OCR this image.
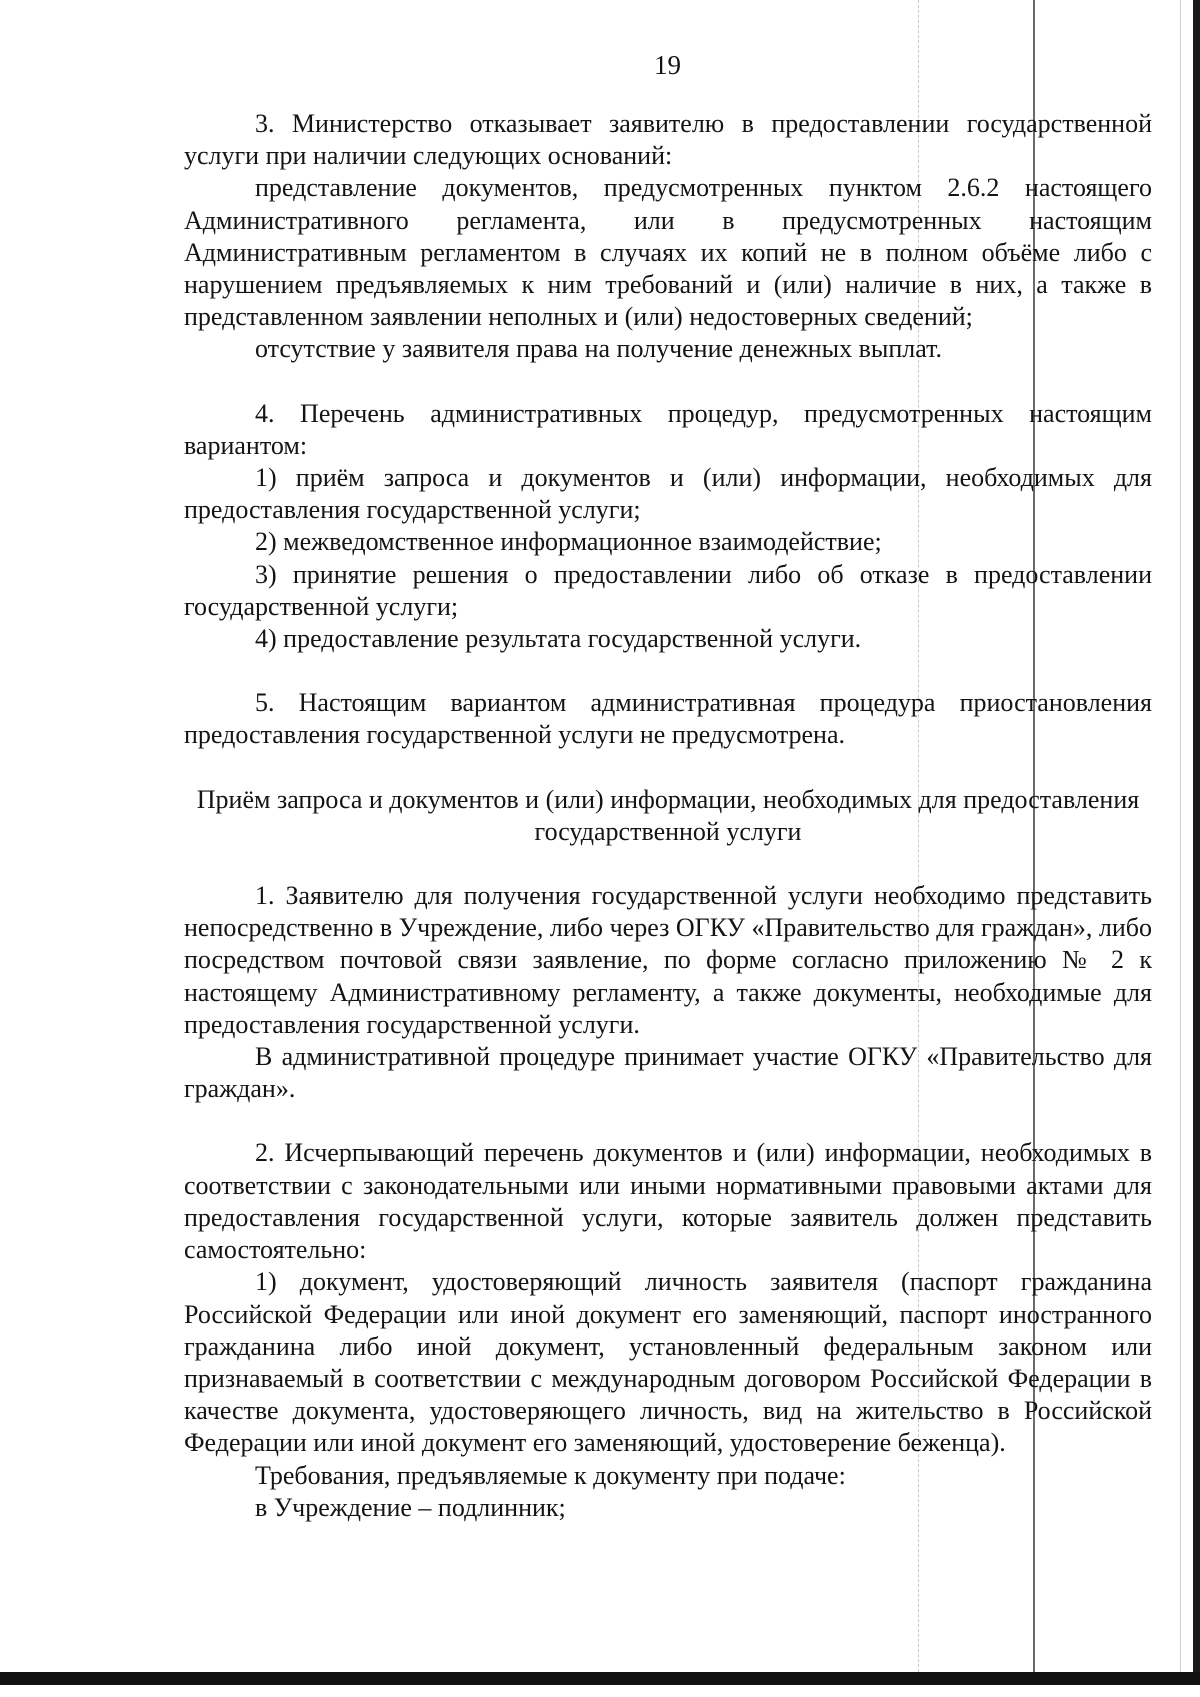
19

3. Министерство отказывает заявителю в предоставлении государственной услуги при наличии следующих оснований:

представление документов, предусмотренных пунктом 2.6.2 настоящего Административного регламента, или в предусмотренных настоящим Административным регламентом в случаях их копий не в полном объёме либо с нарушением предъявляемых к ним требований и (или) наличие в них, а также в представленном заявлении неполных и (или) недостоверных сведений;

отсутствие у заявителя права на получение денежных выплат.

4. Перечень административных процедур, предусмотренных настоящим вариантом:

1) приём запроса и документов и (или) информации, необходимых для предоставления государственной услуги;

2) межведомственное информационное взаимодействие;

3) принятие решения о предоставлении либо об отказе в предоставлении государственной услуги;

4) предоставление результата государственной услуги.

5. Настоящим вариантом административная процедура приостановления предоставления государственной услуги не предусмотрена.

Приём запроса и документов и (или) информации, необходимых для предоставления государственной услуги

1. Заявителю для получения государственной услуги необходимо представить непосредственно в Учреждение, либо через ОГКУ «Правительство для граждан», либо посредством почтовой связи заявление, по форме согласно приложению № 2 к настоящему Административному регламенту, а также документы, необходимые для предоставления государственной услуги.

В административной процедуре принимает участие ОГКУ «Правительство для граждан».

2. Исчерпывающий перечень документов и (или) информации, необходимых в соответствии с законодательными или иными нормативными правовыми актами для предоставления государственной услуги, которые заявитель должен представить самостоятельно:

1) документ, удостоверяющий личность заявителя (паспорт гражданина Российской Федерации или иной документ его заменяющий, паспорт иностранного гражданина либо иной документ, установленный федеральным законом или признаваемый в соответствии с международным договором Российской Федерации в качестве документа, удостоверяющего личность, вид на жительство в Российской Федерации или иной документ его заменяющий, удостоверение беженца).

Требования, предъявляемые к документу при подаче:

в Учреждение – подлинник;
